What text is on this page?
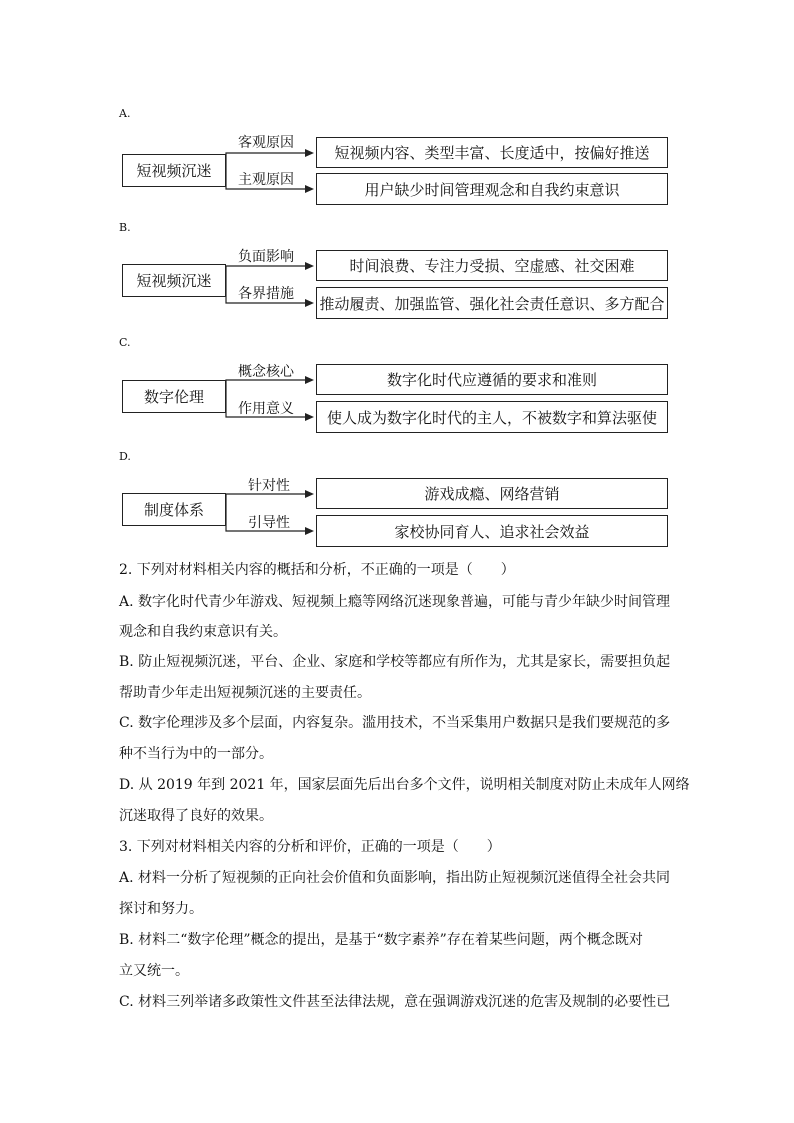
A.
短视频沉迷
客观原因
主观原因
短视频内容、类型丰富、长度适中，按偏好推送
用户缺少时间管理观念和自我约束意识
B.
短视频沉迷
负面影响
各界措施
时间浪费、专注力受损、空虚感、社交困难
推动履责、加强监管、强化社会责任意识、多方配合
C.
数字伦理
概念核心
作用意义
数字化时代应遵循的要求和准则
使人成为数字化时代的主人，不被数字和算法驱使
D.
制度体系
针对性
引导性
游戏成瘾、网络营销
家校协同育人、追求社会效益
2. 下列对材料相关内容的概括和分析，不正确的一项是（　　）
A. 数字化时代青少年游戏、短视频上瘾等网络沉迷现象普遍，可能与青少年缺少时间管理
观念和自我约束意识有关。
B. 防止短视频沉迷，平台、企业、家庭和学校等都应有所作为，尤其是家长，需要担负起
帮助青少年走出短视频沉迷的主要责任。
C. 数字伦理涉及多个层面，内容复杂。滥用技术，不当采集用户数据只是我们要规范的多
种不当行为中的一部分。
D. 从 2019 年到 2021 年，国家层面先后出台多个文件，说明相关制度对防止未成年人网络
沉迷取得了良好的效果。
3. 下列对材料相关内容的分析和评价，正确的一项是（　　）
A. 材料一分析了短视频的正向社会价值和负面影响，指出防止短视频沉迷值得全社会共同
探讨和努力。
B. 材料二“数字伦理”概念的提出，是基于“数字素养”存在着某些问题，两个概念既对
立又统一。
C. 材料三列举诸多政策性文件甚至法律法规，意在强调游戏沉迷的危害及规制的必要性已
